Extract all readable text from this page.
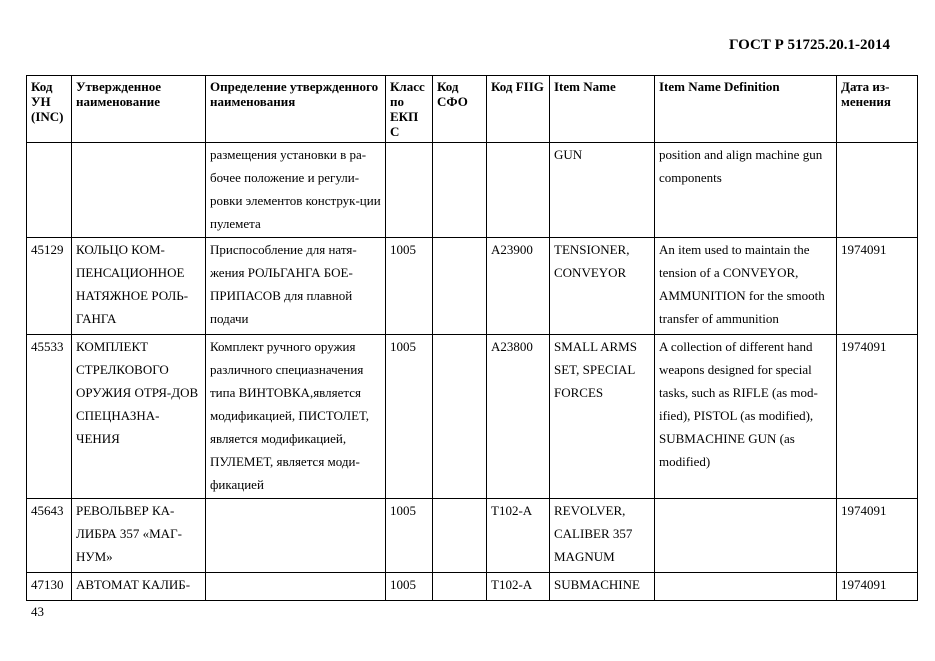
ГОСТ Р 51725.20.1-2014
Код УН (INC)	Утвержденное наименование	Определение утвержденного наименования	Класс по ЕКП С	Код СФО	Код FIIG	Item Name	Item Name Definition	Дата из-менения
		размещения установки в ра-бочее положение и регули-ровки элементов конструк-ции пулемета				GUN	position and align machine gun components	
45129	КОЛЬЦО КОМ-ПЕНСАЦИОННОЕ НАТЯЖНОЕ РОЛЬ-ГАНГА	Приспособление для натя-жения РОЛЬГАНГА БОЕ-ПРИПАСОВ для плавной подачи	1005		A23900	TENSIONER, CONVEYOR	An item used to maintain the tension of a CONVEYOR, AMMUNITION for the smooth transfer of ammunition	1974091
45533	КОМПЛЕКТ СТРЕЛКОВОГО ОРУЖИЯ ОТРЯ-ДОВ СПЕЦНАЗНА-ЧЕНИЯ	Комплект ручного оружия различного специазначения типа ВИНТОВКА,является модификацией, ПИСТОЛЕТ, является модификацией, ПУЛЕМЕТ, является моди-фикацией	1005		A23800	SMALL ARMS SET, SPECIAL FORCES	A collection of different hand weapons designed for special tasks, such as RIFLE (as mod-ified), PISTOL (as modified), SUBMACHINE GUN (as modified)	1974091
45643	РЕВОЛЬВЕР КА-ЛИБРА 357 «МАГ-НУМ»		1005		T102-A	REVOLVER, CALIBER 357 MAGNUM		1974091
47130	АВТОМАТ КАЛИБ-		1005		T102-A	SUBMACHINE		1974091
43
